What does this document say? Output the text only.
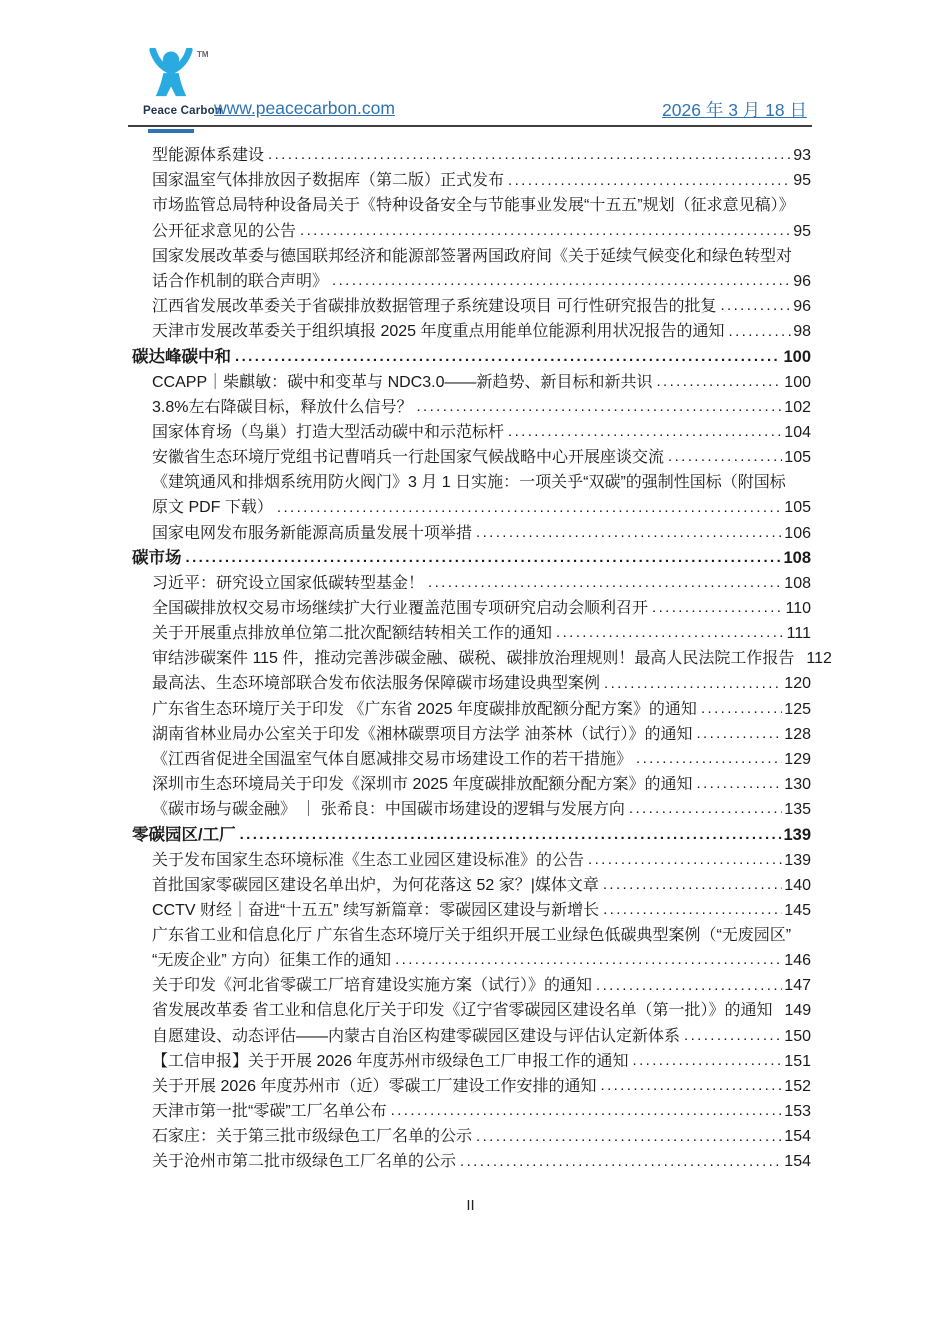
TM
Peace Carbon
www.peacecarbon.com	2026 年 3 月 18 日
型能源体系建设 .....	93
国家温室气体排放因子数据库（第二版）正式发布 .....	95
市场监管总局特种设备局关于《特种设备安全与节能事业发展“十五五”规划（征求意见稿）》
公开征求意见的公告 .....	95
国家发展改革委与德国联邦经济和能源部签署两国政府间《关于延续气候变化和绿色转型对
话合作机制的联合声明》 .....	96
江西省发展改革委关于省碳排放数据管理子系统建设项目 可行性研究报告的批复 .....	96
天津市发展改革委关于组织填报 2025 年度重点用能单位能源利用状况报告的通知 .....	98
碳达峰碳中和 .....	100
CCAPP｜柴麒敏：碳中和变革与 NDC3.0——新趋势、新目标和新共识 .....	100
3.8%左右降碳目标，释放什么信号？ .....	102
国家体育场（鸟巢）打造大型活动碳中和示范标杆 .....	104
安徽省生态环境厅党组书记曹哨兵一行赴国家气候战略中心开展座谈交流 .....	105
《建筑通风和排烟系统用防火阀门》3 月 1 日实施：一项关乎“双碳”的强制性国标（附国标
原文 PDF 下载） .....	105
国家电网发布服务新能源高质量发展十项举措 .....	106
碳市场 .....	108
习近平：研究设立国家低碳转型基金！ .....	108
全国碳排放权交易市场继续扩大行业覆盖范围专项研究启动会顺利召开 .....	110
关于开展重点排放单位第二批次配额结转相关工作的通知 .....	111
审结涉碳案件 115 件，推动完善涉碳金融、碳税、碳排放治理规则！最高人民法院工作报告 112
最高法、生态环境部联合发布依法服务保障碳市场建设典型案例 .....	120
广东省生态环境厅关于印发 《广东省 2025 年度碳排放配额分配方案》的通知 .....	125
湖南省林业局办公室关于印发《湘林碳票项目方法学 油茶林（试行）》的通知 .....	128
《江西省促进全国温室气体自愿减排交易市场建设工作的若干措施》 .....	129
深圳市生态环境局关于印发《深圳市 2025 年度碳排放配额分配方案》的通知 .....	130
《碳市场与碳金融》 ｜ 张希良：中国碳市场建设的逻辑与发展方向 .....	135
零碳园区/工厂 .....	139
关于发布国家生态环境标准《生态工业园区建设标准》的公告 .....	139
首批国家零碳园区建设名单出炉，为何花落这 52 家？|媒体文章 .....	140
CCTV 财经｜奋进“十五五” 续写新篇章：零碳园区建设与新增长 .....	145
广东省工业和信息化厅 广东省生态环境厅关于组织开展工业绿色低碳典型案例（“无废园区”
“无废企业” 方向）征集工作的通知 .....	146
关于印发《河北省零碳工厂培育建设实施方案（试行）》的通知 .....	147
省发展改革委 省工业和信息化厅关于印发《辽宁省零碳园区建设名单（第一批）》的通知 149
自愿建设、动态评估——内蒙古自治区构建零碳园区建设与评估认定新体系 .....	150
【工信申报】关于开展 2026 年度苏州市级绿色工厂申报工作的通知 .....	151
关于开展 2026 年度苏州市（近）零碳工厂建设工作安排的通知 .....	152
天津市第一批“零碳”工厂名单公布 .....	153
石家庄：关于第三批市级绿色工厂名单的公示 .....	154
关于沧州市第二批市级绿色工厂名单的公示 .....	154
II
